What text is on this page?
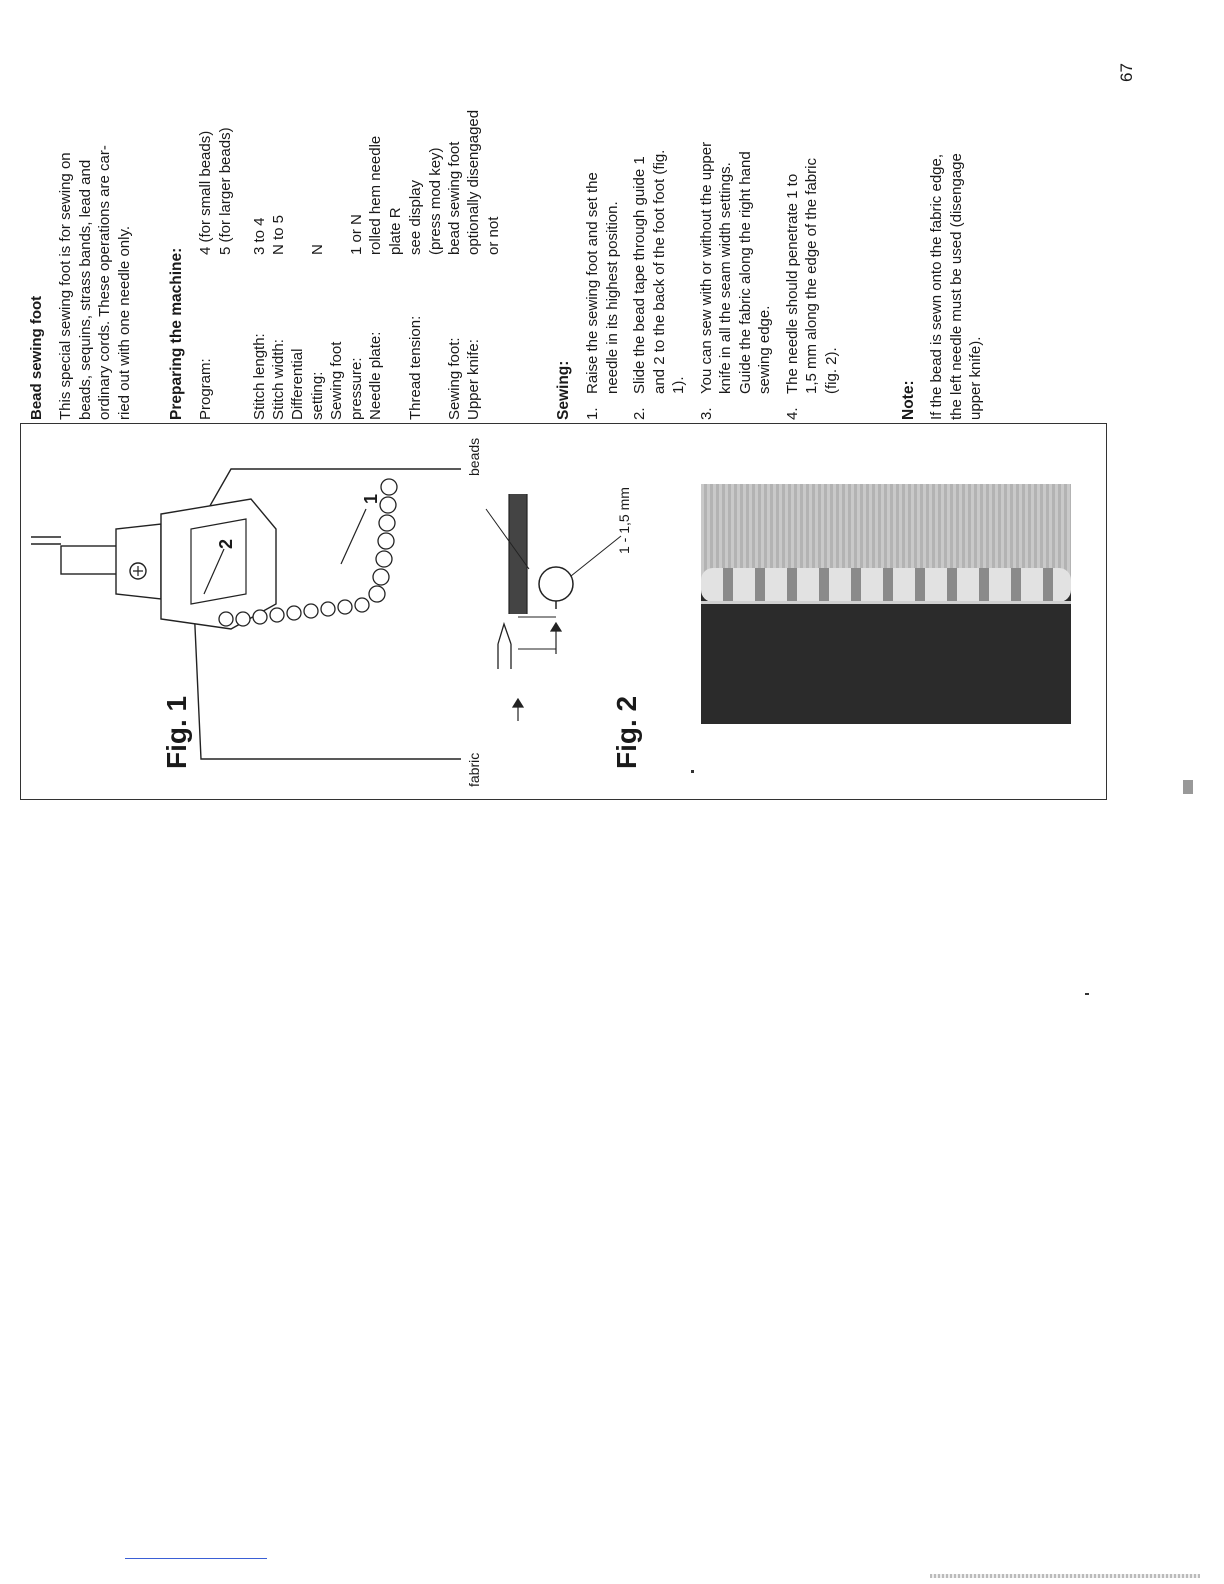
Bead sewing foot This special sewing foot is for sewing on beads, sequins, strass bands, lead and ordinary cords. These operations are car- ried out with one needle only. Preparing the machine: Program:
4 (for small beads) 5 (for larger beads)
Stitch length:
3 to 4
Stitch width:
N to 5
Differential setting:

N
Sewing foot pressure:

1 or N
Needle plate:
rolled hem needle plate R
Thread tension:
see display (press mod key)
Sewing foot:
bead sewing foot
Upper knife:
optionally disengaged or not
Sewing: 1.
Raise the sewing foot and set the needle in its highest position.
2.
Slide the bead tape through guide 1 and 2 to the back of the foot foot (fig. 1).
3.
You can sew with or without the upper knife in all the seam width settings. Guide the fabric along the right hand sewing edge.
4.
The needle should penetrate 1 to 1,5 mm along the edge of the fabric (fig. 2).
Note: If the bead is sewn onto the fabric edge, the left needle must be used (disengage upper knife).
67
Fig. 1
1
2
fabric
beads
Fig. 2
1 - 1,5 mm
